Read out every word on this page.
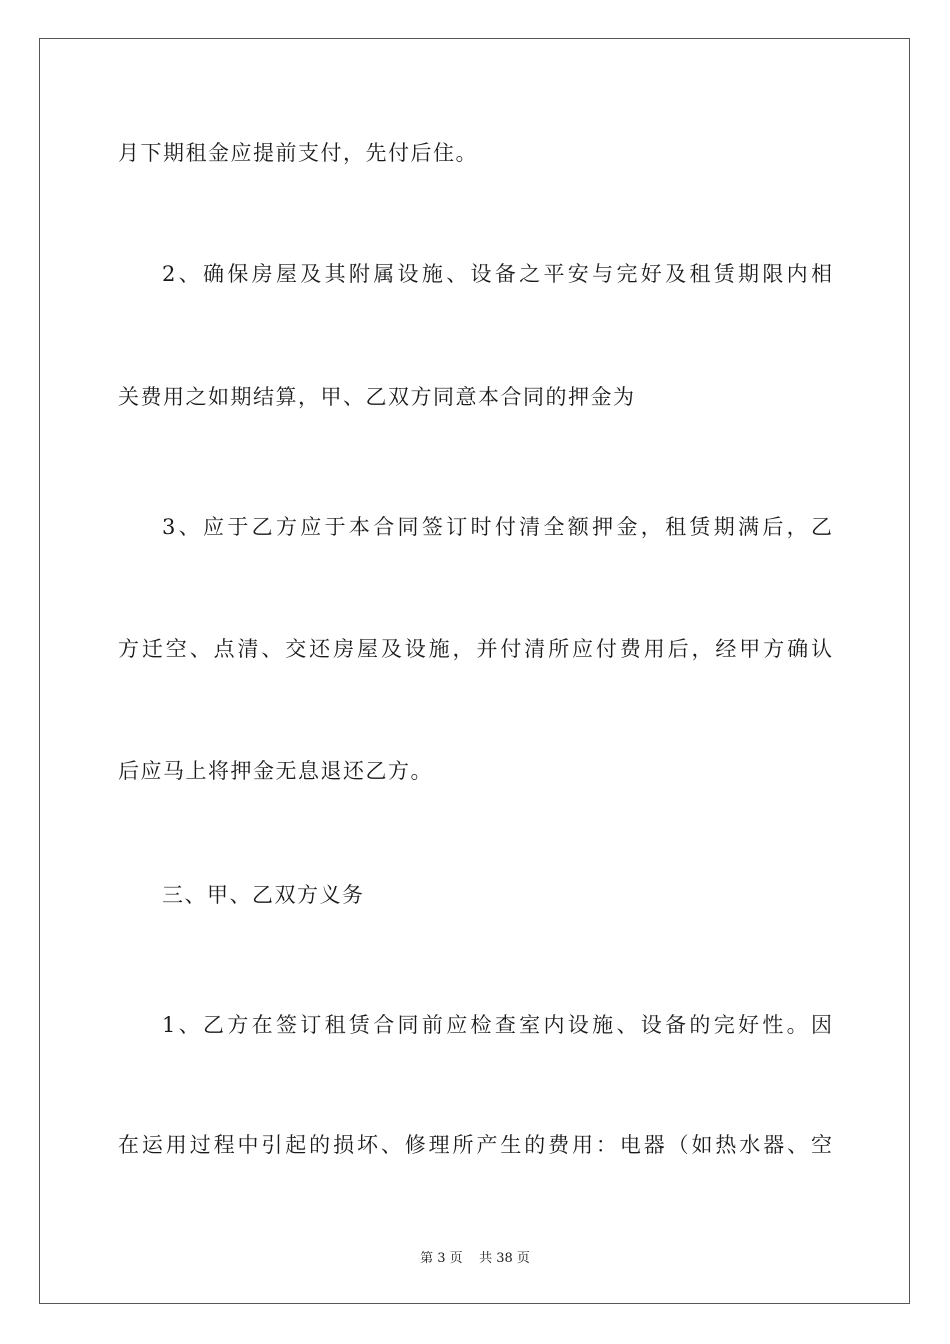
月下期租金应提前支付，先付后住。
2、确保房屋及其附属设施、设备之平安与完好及租赁期限内相
关费用之如期结算，甲、乙双方同意本合同的押金为
3、应于乙方应于本合同签订时付清全额押金，租赁期满后，乙
方迁空、点清、交还房屋及设施，并付清所应付费用后，经甲方确认
后应马上将押金无息退还乙方。
三、甲、乙双方义务
1、乙方在签订租赁合同前应检查室内设施、设备的完好性。因
在运用过程中引起的损坏、修理所产生的费用：电器（如热水器、空
第 3 页    共 38 页
